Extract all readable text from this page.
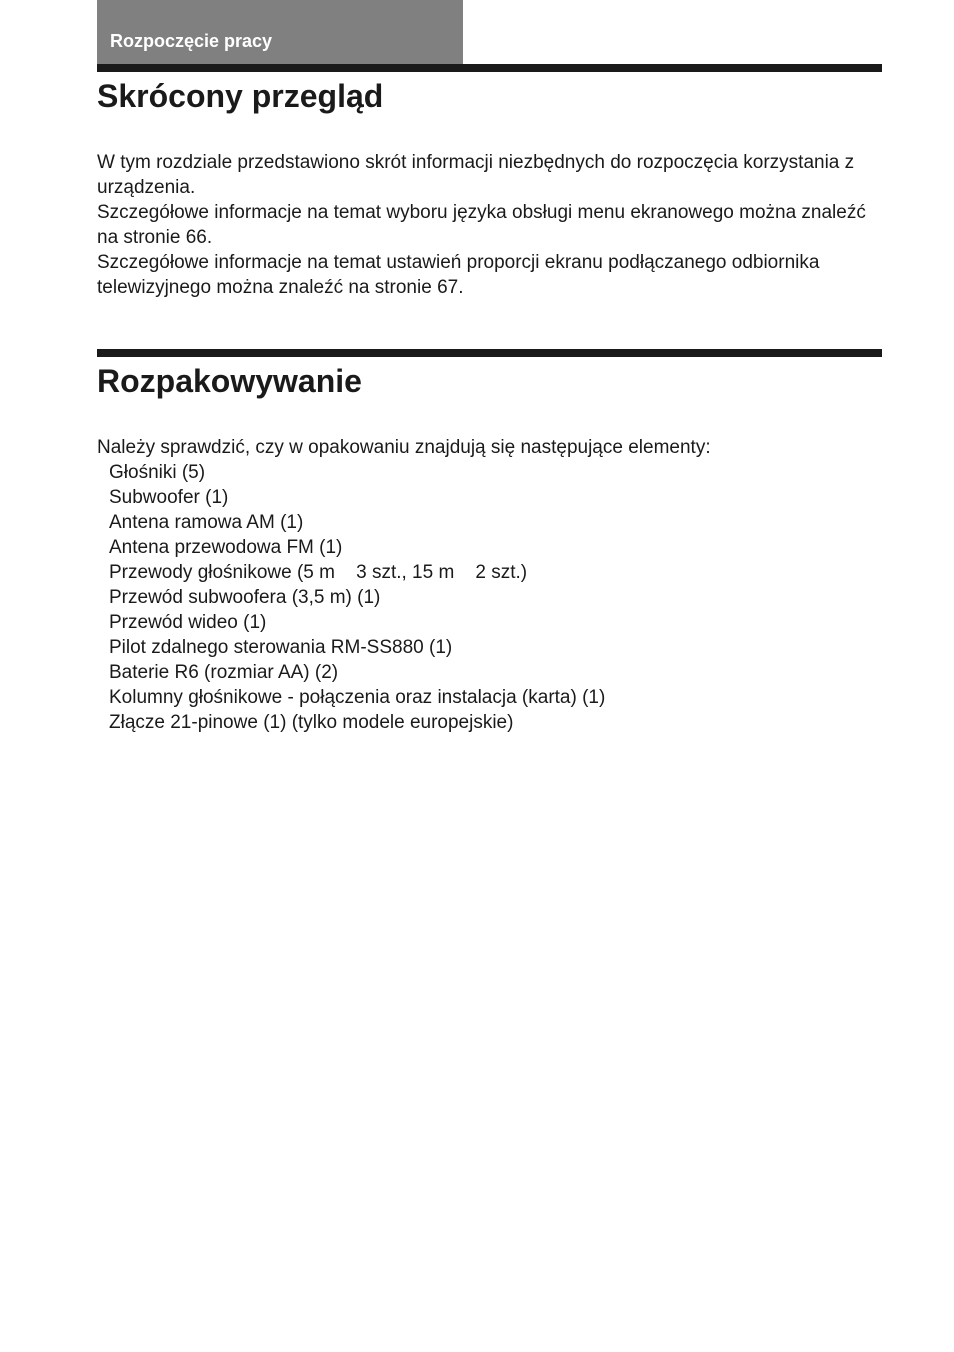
Rozpoczęcie pracy
Skrócony przegląd

W tym rozdziale przedstawiono skrót informacji niezbędnych do rozpoczęcia korzystania z urządzenia.

Szczegółowe informacje na temat wyboru języka obsługi menu ekranowego można znaleźć na stronie 66.

Szczegółowe informacje na temat ustawień proporcji ekranu podłączanego odbiornika telewizyjnego można znaleźć na stronie 67.

Rozpakowywanie

Należy sprawdzić, czy w opakowaniu znajdują się następujące elementy:

Głośniki (5)
Subwoofer (1)
Antena ramowa AM (1)
Antena przewodowa FM (1)
Przewody głośnikowe (5 m    3 szt., 15 m    2 szt.)
Przewód subwoofera (3,5 m) (1)
Przewód wideo (1)
Pilot zdalnego sterowania RM-SS880 (1)
Baterie R6 (rozmiar AA) (2)
Kolumny głośnikowe - połączenia oraz instalacja (karta) (1)
Złącze 21-pinowe (1) (tylko modele europejskie)
